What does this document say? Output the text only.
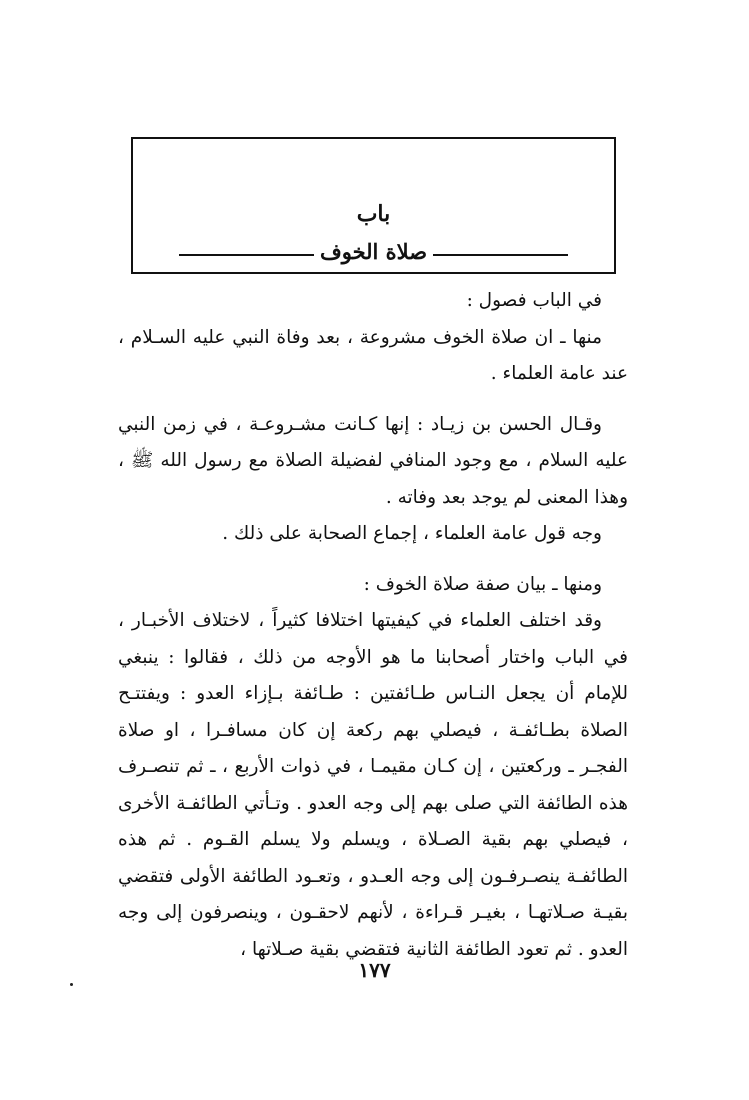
باب
صلاة الخوف

في الباب فصول :

منها ـ ان صلاة الخوف مشروعة ، بعد وفاة النبي عليه السـلام ، عند عامة العلماء .

وقـال الحسن بن زيـاد : إنها كـانت مشـروعـة ، في زمن النبي عليه السلام ، مع وجود المنافي لفضيلة الصلاة مع رسول الله ﷺ ، وهذا المعنى لم يوجد بعد وفاته .

وجه قول عامة العلماء ، إجماع الصحابة على ذلك .

ومنها ـ بيان صفة صلاة الخوف :

وقد اختلف العلماء في كيفيتها اختلافا كثيراً ، لاختلاف الأخبـار ، في الباب واختار أصحابنا ما هو الأوجه من ذلك ، فقالوا : ينبغي للإمام أن يجعل النـاس طـائفتين : طـائفة بـإزاء العدو : ويفتتـح الصلاة بطـائفـة ، فيصلي بهم ركعة إن كان مسافـرا ، او صلاة الفجـر ـ وركعتين ، إن كـان مقيمـا ، في ذوات الأربع ، ـ ثم تنصـرف هذه الطائفة التي صلى بهم إلى وجه العدو . وتـأتي الطائفـة الأخرى ، فيصلي بهم بقية الصـلاة ، ويسلم ولا يسلم القـوم . ثم هذه الطائفـة ينصـرفـون إلى وجه العـدو ، وتعـود الطائفة الأولى فتقضي بقيـة صـلاتهـا ، بغيـر قـراءة ، لأنهم لاحقـون ، وينصرفون إلى وجه العدو . ثم تعود الطائفة الثانية فتقضي بقية صـلاتها ،

١٧٧
